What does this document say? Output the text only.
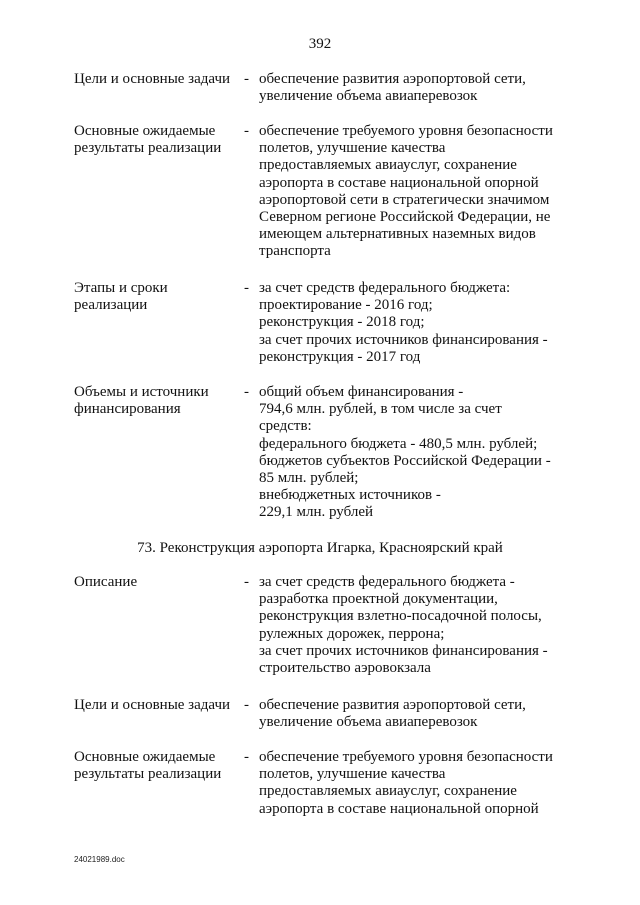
392
Цели и основные задачи - обеспечение развития аэропортовой сети,
увеличение объема авиаперевозок
Основные ожидаемые
результаты реализации
- обеспечение требуемого уровня безопасности
полетов, улучшение качества
предоставляемых авиауслуг, сохранение
аэропорта в составе национальной опорной
аэропортовой сети в стратегически значимом
Северном регионе Российской Федерации, не
имеющем альтернативных наземных видов
транспорта
Этапы и сроки
реализации
- за счет средств федерального бюджета:
проектирование - 2016 год;
реконструкция - 2018 год;
за счет прочих источников финансирования -
реконструкция - 2017 год
Объемы и источники
финансирования
- общий объем финансирования -
794,6 млн. рублей, в том числе за счет
средств:
федерального бюджета - 480,5 млн. рублей;
бюджетов субъектов Российской Федерации -
85 млн. рублей;
внебюджетных источников -
229,1 млн. рублей
73. Реконструкция аэропорта Игарка, Красноярский край
Описание	- за счет средств федерального бюджета -
разработка проектной документации,
реконструкция взлетно-посадочной полосы,
рулежных дорожек, перрона;
за счет прочих источников финансирования -
строительство аэровокзала
Цели и основные задачи - обеспечение развития аэропортовой сети,
увеличение объема авиаперевозок
Основные ожидаемые
результаты реализации
- обеспечение требуемого уровня безопасности
полетов, улучшение качества
предоставляемых авиауслуг, сохранение
аэропорта в составе национальной опорной
24021989.doc
